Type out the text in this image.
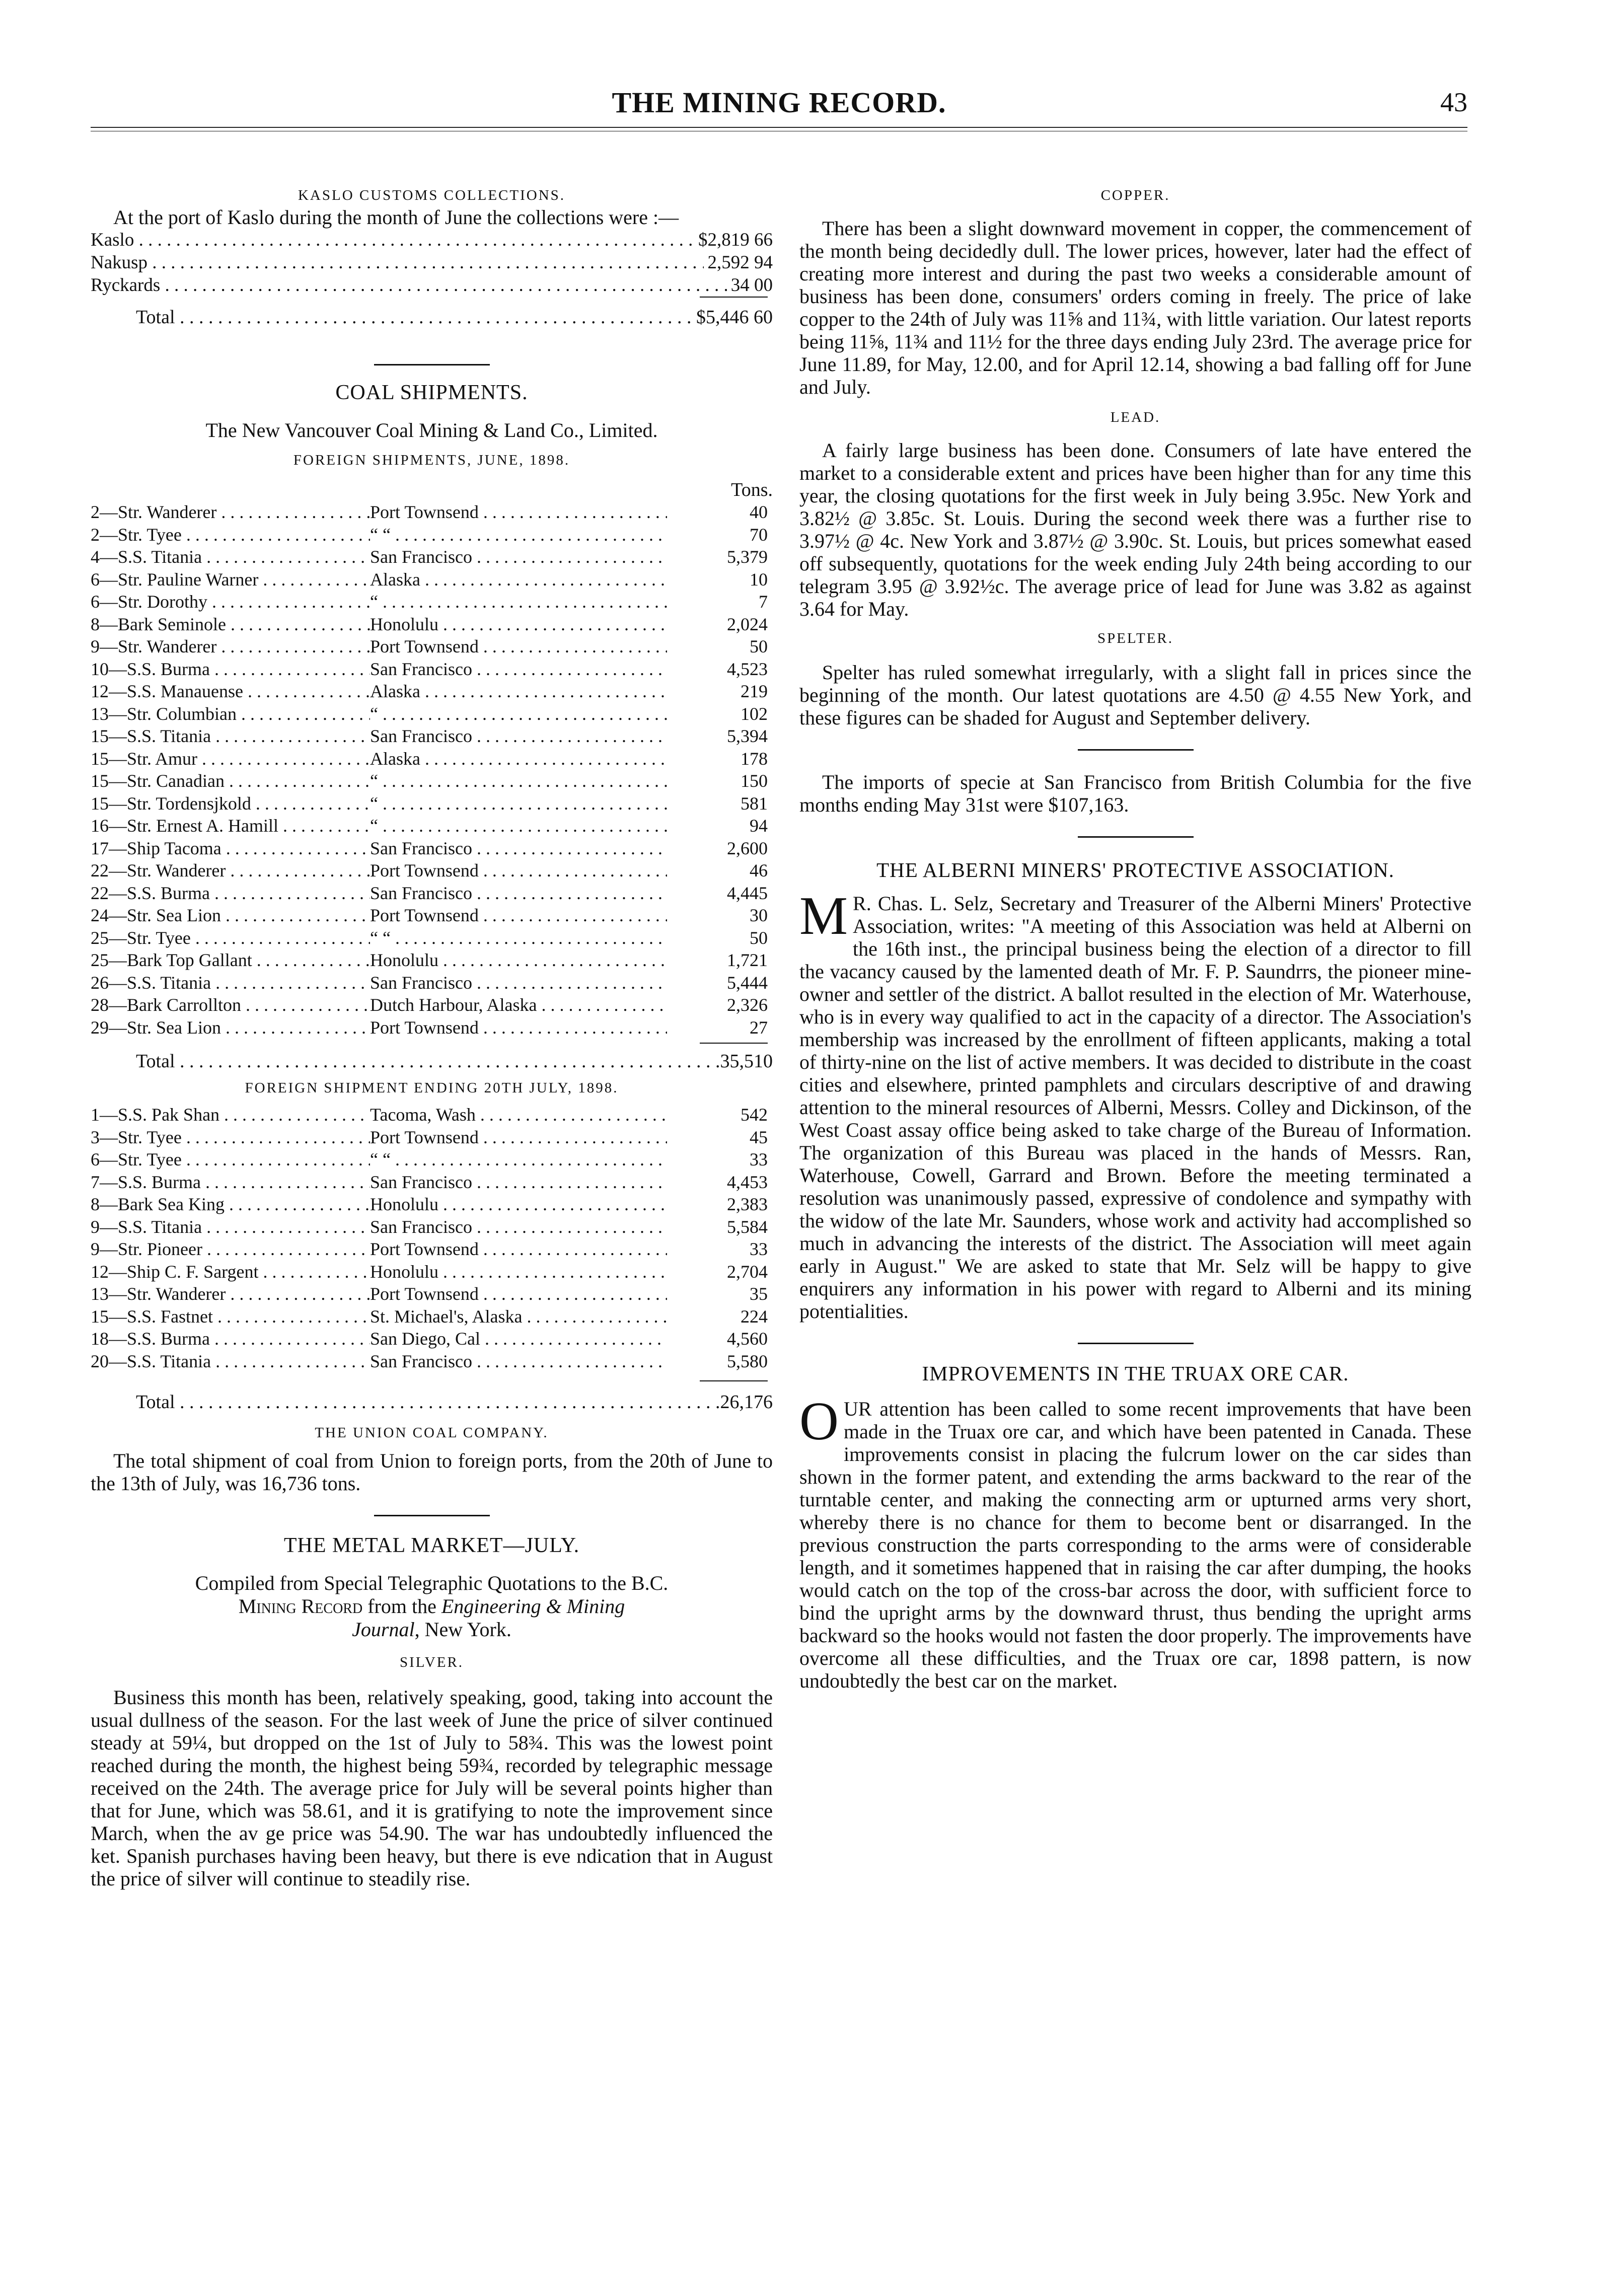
THE MINING RECORD.	43
KASLO CUSTOMS COLLECTIONS.

At the port of Kaslo during the month of June the collections were :—

Kaslo . . .	$2,819 66
Nakusp . . .	2,592 94
Ryckards . . .	34 00
Total . . .	$5,446 60
COAL SHIPMENTS.
The New Vancouver Coal Mining & Land Co., Limited.
FOREIGN SHIPMENTS, JUNE, 1898.
Tons.
2—Str. Wanderer . . .	Port Townsend . . .	40
2—Str. Tyee . . .	“ “ . . .	70
4—S.S. Titania . . .	San Francisco . . .	5,379
6—Str. Pauline Warner . . .	Alaska . . .	10
6—Str. Dorothy . . .	“ . . .	7
8—Bark Seminole . . .	Honolulu . . .	2,024
9—Str. Wanderer . . .	Port Townsend . . .	50
10—S.S. Burma . . .	San Francisco . . .	4,523
12—S.S. Manauense . . .	Alaska . . .	219
13—Str. Columbian . . .	“ . . .	102
15—S.S. Titania . . .	San Francisco . . .	5,394
15—Str. Amur . . .	Alaska . . .	178
15—Str. Canadian . . .	“ . . .	150
15—Str. Tordensjkold . . .	“ . . .	581
16—Str. Ernest A. Hamill . . .	“ . . .	94
17—Ship Tacoma . . .	San Francisco . . .	2,600
22—Str. Wanderer . . .	Port Townsend . . .	46
22—S.S. Burma . . .	San Francisco . . .	4,445
24—Str. Sea Lion . . .	Port Townsend . . .	30
25—Str. Tyee . . .	“ “ . . .	50
25—Bark Top Gallant . . .	Honolulu . . .	1,721
26—S.S. Titania . . .	San Francisco . . .	5,444
28—Bark Carrollton . . .	Dutch Harbour, Alaska . . .	2,326
29—Str. Sea Lion . . .	Port Townsend . . .	27
Total . . .	35,510
FOREIGN SHIPMENT ENDING 20TH JULY, 1898.
1—S.S. Pak Shan . . .	Tacoma, Wash . . .	542
3—Str. Tyee . . .	Port Townsend . . .	45
6—Str. Tyee . . .	“ “ . . .	33
7—S.S. Burma . . .	San Francisco . . .	4,453
8—Bark Sea King . . .	Honolulu . . .	2,383
9—S.S. Titania . . .	San Francisco . . .	5,584
9—Str. Pioneer . . .	Port Townsend . . .	33
12—Ship C. F. Sargent . . .	Honolulu . . .	2,704
13—Str. Wanderer . . .	Port Townsend . . .	35
15—S.S. Fastnet . . .	St. Michael's, Alaska . . .	224
18—S.S. Burma . . .	San Diego, Cal . . .	4,560
20—S.S. Titania . . .	San Francisco . . .	5,580
Total . . .	26,176
THE UNION COAL COMPANY.

The total shipment of coal from Union to foreign ports, from the 20th of June to the 13th of July, was 16,736 tons.

THE METAL MARKET—JULY.
Compiled from Special Telegraphic Quotations to the B.C.
Mining Record from the Engineering & Mining
Journal, New York.
SILVER.

Business this month has been, relatively speaking, good, taking into account the usual dullness of the season. For the last week of June the price of silver continued steady at 59¼, but dropped on the 1st of July to 58¾. This was the lowest point reached during the month, the highest being 59¾, recorded by telegraphic message received on the 24th. The average price for July will be several points higher than that for June, which was 58.61, and it is gratifying to note the improvement since March, when the av ge price was 54.90. The war has undoubtedly influenced the ket. Spanish purchases having been heavy, but there is eve ndication that in August the price of silver will continue to steadily rise.

COPPER.

There has been a slight downward movement in copper, the commencement of the month being decidedly dull. The lower prices, however, later had the effect of creating more interest and during the past two weeks a considerable amount of business has been done, consumers' orders coming in freely. The price of lake copper to the 24th of July was 11⅝ and 11¾, with little variation. Our latest reports being 11⅝, 11¾ and 11½ for the three days ending July 23rd. The average price for June 11.89, for May, 12.00, and for April 12.14, showing a bad falling off for June and July.

LEAD.

A fairly large business has been done. Consumers of late have entered the market to a considerable extent and prices have been higher than for any time this year, the closing quotations for the first week in July being 3.95c. New York and 3.82½ @ 3.85c. St. Louis. During the second week there was a further rise to 3.97½ @ 4c. New York and 3.87½ @ 3.90c. St. Louis, but prices somewhat eased off subsequently, quotations for the week ending July 24th being according to our telegram 3.95 @ 3.92½c. The average price of lead for June was 3.82 as against 3.64 for May.

SPELTER.

Spelter has ruled somewhat irregularly, with a slight fall in prices since the beginning of the month. Our latest quotations are 4.50 @ 4.55 New York, and these figures can be shaded for August and September delivery.

The imports of specie at San Francisco from British Columbia for the five months ending May 31st were $107,163.

THE ALBERNI MINERS' PROTECTIVE ASSOCIATION.

M R. Chas. L. Selz, Secretary and Treasurer of the Alberni Miners' Protective Association, writes: "A meeting of this Association was held at Alberni on the 16th inst., the principal business being the election of a director to fill the vacancy caused by the lamented death of Mr. F. P. Saundrrs, the pioneer mine-owner and settler of the district. A ballot resulted in the election of Mr. Waterhouse, who is in every way qualified to act in the capacity of a director. The Association's membership was increased by the enrollment of fifteen applicants, making a total of thirty-nine on the list of active members. It was decided to distribute in the coast cities and elsewhere, printed pamphlets and circulars descriptive of and drawing attention to the mineral resources of Alberni, Messrs. Colley and Dickinson, of the West Coast assay office being asked to take charge of the Bureau of Information. The organization of this Bureau was placed in the hands of Messrs. Ran, Waterhouse, Cowell, Garrard and Brown. Before the meeting terminated a resolution was unanimously passed, expressive of condolence and sympathy with the widow of the late Mr. Saunders, whose work and activity had accomplished so much in advancing the interests of the district. The Association will meet again early in August." We are asked to state that Mr. Selz will be happy to give enquirers any information in his power with regard to Alberni and its mining potentialities.

IMPROVEMENTS IN THE TRUAX ORE CAR.

OUR attention has been called to some recent improvements that have been made in the Truax ore car, and which have been patented in Canada. These improvements consist in placing the fulcrum lower on the car sides than shown in the former patent, and extending the arms backward to the rear of the turntable center, and making the connecting arm or upturned arms very short, whereby there is no chance for them to become bent or disarranged. In the previous construction the parts corresponding to the arms were of considerable length, and it sometimes happened that in raising the car after dumping, the hooks would catch on the top of the cross-bar across the door, with sufficient force to bind the upright arms by the downward thrust, thus bending the upright arms backward so the hooks would not fasten the door properly. The improvements have overcome all these difficulties, and the Truax ore car, 1898 pattern, is now undoubtedly the best car on the market.
